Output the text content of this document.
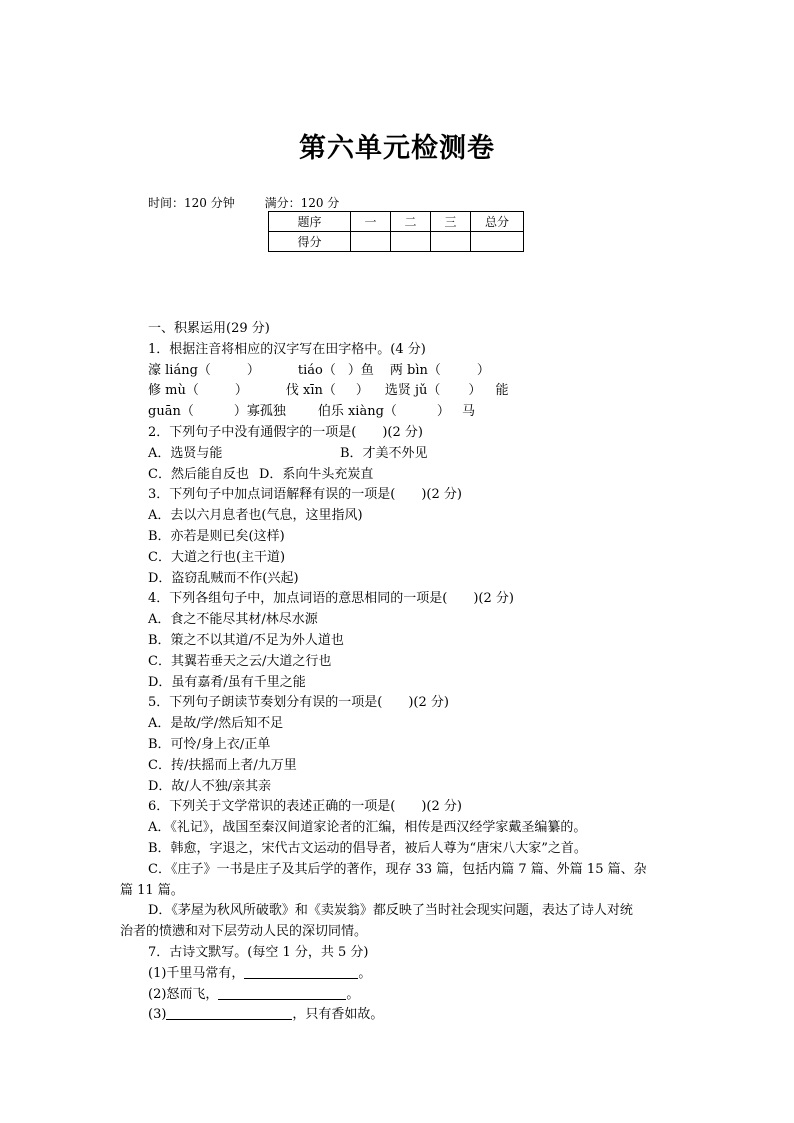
第六单元检测卷
时间：120 分钟 满分：120 分
题序	一	二	三	总分
得分				
一、积累运用(29 分)
1．根据注音将相应的汉字写在田字格中。(4 分)
濠 liáng（	）	tiáo（ ）鱼 两 bìn（	）
修 mù（	）	伐 xīn（ ） 选贤 jǔ（ ） 能
guān（	）寡孤独 伯乐 xiàng（	） 马
2．下列句子中没有通假字的一项是(　　)(2 分)
A．选贤与能	B．才美不外见
C．然后能自反也 D．系向牛头充炭直
3．下列句子中加点词语解释有误的一项是(　　)(2 分)
A．去以六月息者也(气息，这里指风)
B．亦若是则已矣(这样)
C．大道之行也(主干道)
D．盗窃乱贼而不作(兴起)
4．下列各组句子中，加点词语的意思相同的一项是(　　)(2 分)
A．食之不能尽其材/林尽水源
B．策之不以其道/不足为外人道也
C．其翼若垂天之云/大道之行也
D．虽有嘉肴/虽有千里之能
5．下列句子朗读节奏划分有误的一项是(　　)(2 分)
A．是故/学/然后知不足
B．可怜/身上衣/正单
C．抟/扶摇而上者/九万里
D．故/人不独/亲其亲
6．下列关于文学常识的表述正确的一项是(　　)(2 分)
A．《礼记》，战国至秦汉间道家论者的汇编，相传是西汉经学家戴圣编纂的。
B．韩愈，字退之，宋代古文运动的倡导者，被后人尊为“唐宋八大家”之首。
C．《庄子》一书是庄子及其后学的著作，现存 33 篇，包括内篇 7 篇、外篇 15 篇、杂
篇 11 篇。
D．《茅屋为秋风所破歌》和《卖炭翁》都反映了当时社会现实问题，表达了诗人对统
治者的愤懑和对下层劳动人民的深切同情。
7．古诗文默写。(每空 1 分，共 5 分)
(1)千里马常有，	。
(2)怒而飞，	。
(3)	，只有香如故。
